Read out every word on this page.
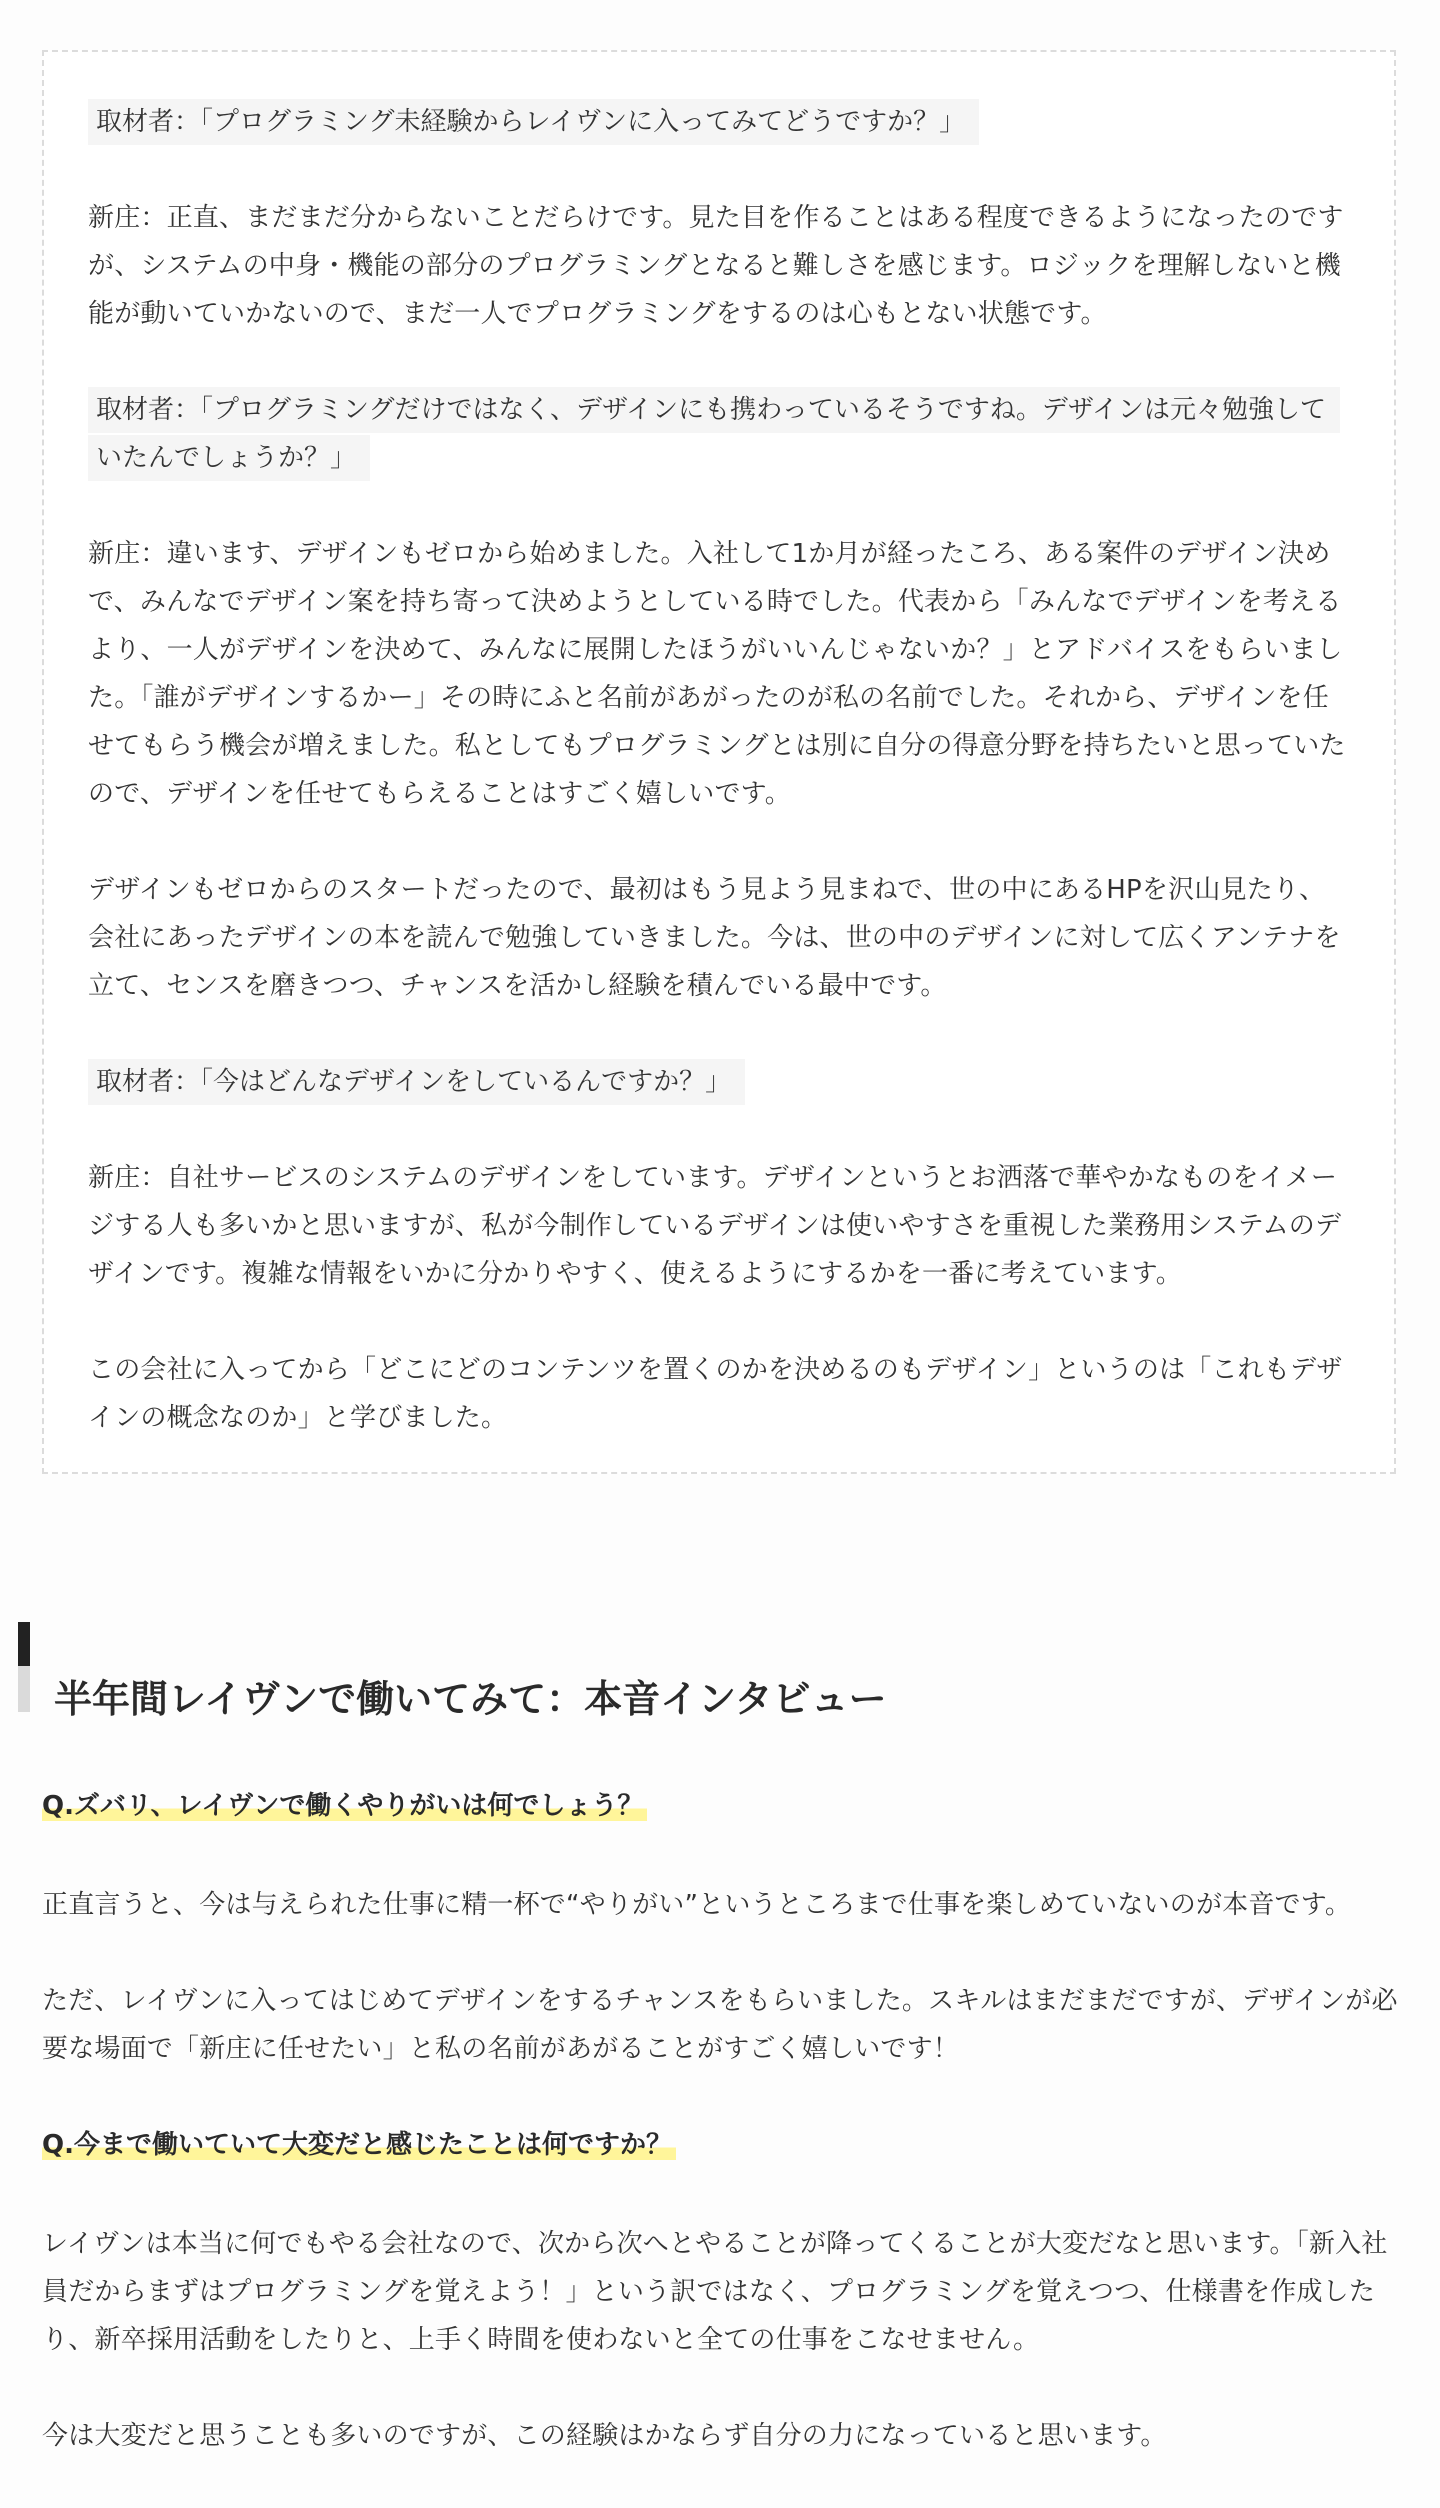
取材者：「プログラミング未経験からレイヴンに入ってみてどうですか？」

新庄：正直、まだまだ分からないことだらけです。見た目を作ることはある程度できるようになったのですが、システムの中身・機能の部分のプログラミングとなると難しさを感じます。ロジックを理解しないと機能が動いていかないので、まだ一人でプログラミングをするのは心もとない状態です。

取材者：「プログラミングだけではなく、デザインにも携わっているそうですね。デザインは元々勉強していたんでしょうか？」

新庄：違います、デザインもゼロから始めました。入社して1か月が経ったころ、ある案件のデザイン決めで、みんなでデザイン案を持ち寄って決めようとしている時でした。代表から「みんなでデザインを考えるより、一人がデザインを決めて、みんなに展開したほうがいいんじゃないか？」とアドバイスをもらいました。「誰がデザインするかー」その時にふと名前があがったのが私の名前でした。それから、デザインを任せてもらう機会が増えました。私としてもプログラミングとは別に自分の得意分野を持ちたいと思っていたので、デザインを任せてもらえることはすごく嬉しいです。

デザインもゼロからのスタートだったので、最初はもう見よう見まねで、世の中にあるHPを沢山見たり、会社にあったデザインの本を読んで勉強していきました。今は、世の中のデザインに対して広くアンテナを立て、センスを磨きつつ、チャンスを活かし経験を積んでいる最中です。

取材者：「今はどんなデザインをしているんですか？」

新庄：自社サービスのシステムのデザインをしています。デザインというとお洒落で華やかなものをイメージする人も多いかと思いますが、私が今制作しているデザインは使いやすさを重視した業務用システムのデザインです。複雑な情報をいかに分かりやすく、使えるようにするかを一番に考えています。

この会社に入ってから「どこにどのコンテンツを置くのかを決めるのもデザイン」というのは「これもデザインの概念なのか」と学びました。

半年間レイヴンで働いてみて：本音インタビュー
Q.ズバリ、レイヴンで働くやりがいは何でしょう？

正直言うと、今は与えられた仕事に精一杯で“やりがい”というところまで仕事を楽しめていないのが本音です。

ただ、レイヴンに入ってはじめてデザインをするチャンスをもらいました。スキルはまだまだですが、デザインが必要な場面で「新庄に任せたい」と私の名前があがることがすごく嬉しいです！

Q.今まで働いていて大変だと感じたことは何ですか？

レイヴンは本当に何でもやる会社なので、次から次へとやることが降ってくることが大変だなと思います。「新入社員だからまずはプログラミングを覚えよう！」という訳ではなく、プログラミングを覚えつつ、仕様書を作成したり、新卒採用活動をしたりと、上手く時間を使わないと全ての仕事をこなせません。

今は大変だと思うことも多いのですが、この経験はかならず自分の力になっていると思います。
